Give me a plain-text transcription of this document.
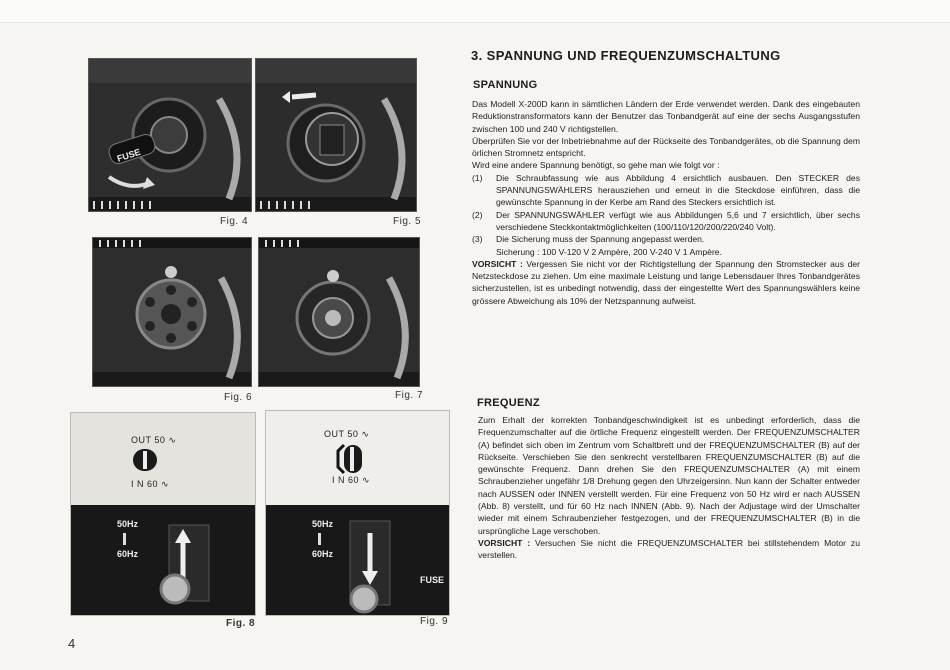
FUSE
Fig. 4	Fig. 5
Fig. 6	Fig. 7
OUT 50 ∿
I N 60 ∿
50Hz
60Hz
Fig. 8
OUT 50 ∿
I N 60 ∿
50Hz
60Hz
FUSE
Fig. 9
3. SPANNUNG UND FREQUENZUMSCHALTUNG
SPANNUNG

Das Modell X-200D kann in sämtlichen Ländern der Erde verwendet werden. Dank des eingebauten Reduktionstransformators kann der Benutzer das Tonbandgerät auf eine der sechs Ausgangsstufen zwischen 100 und 240 V richtigstellen.

Überprüfen Sie vor der Inbetriebnahme auf der Rückseite des Tonbandgerätes, ob die Spannung dem örlichen Stromnetz entspricht.

Wird eine andere Spannung benötigt, so gehe man wie folgt vor :

(1)	Die Schraubfassung wie aus Abbildung 4 ersichtlich ausbauen. Den STECKER des SPANNUNGSWÄHLERS herausziehen und erneut in die Steckdose einführen, dass die gewünschte Spannung in der Kerbe am Rand des Steckers ersichtlich ist.
(2)	Der SPANNUNGSWÄHLER verfügt wie aus Abbildungen 5,6 und 7 ersichtlich, über sechs verschiedene Steckkontaktmöglichkeiten (100/110/120/200/220/240 Volt).
(3)	Die Sicherung muss der Spannung angepasst werden.

Sicherung : 100 V-120 V 2 Ampère, 200 V-240 V 1 Ampère.

VORSICHT : Vergessen Sie nicht vor der Richtigstellung der Spannung den Stromstecker aus der Netzsteckdose zu ziehen. Um eine maximale Leistung und lange Lebensdauer Ihres Tonbandgerätes sicherzustellen, ist es unbedingt notwendig, dass der eingestellte Wert des Spannungswählers keine grössere Abweichung als 10% der Netzspannung aufweist.

FREQUENZ

Zum Erhalt der korrekten Tonbandgeschwindigkeit ist es unbedingt erforderlich, dass die Frequenzumschalter auf die örtliche Frequenz eingestellt werden. Der FREQUENZUMSCHALTER (A) befindet sich oben im Zentrum vom Schaltbrett und der FREQUENZUMSCHALTER (B) auf der Rückseite. Verschieben Sie den senkrecht verstellbaren FREQUENZUMSCHALTER (B) auf die gewünschte Frequenz. Dann drehen Sie den FREQUENZUMSCHALTER (A) mit einem Schraubenzieher ungefähr 1/8 Drehung gegen den Uhrzeigersinn. Nun kann der Schalter entweder nach AUSSEN oder INNEN verstellt werden. Für eine Frequenz von 50 Hz wird er nach AUSSEN (Abb. 8) verstellt, und für 60 Hz nach INNEN (Abb. 9). Nach der Adjustage wird der Umschalter wieder mit einem Schraubenzieher festgezogen, und der FREQUENZUMSCHALTER (B) in die ursprüngliche Lage verschoben.

VORSICHT : Versuchen Sie nicht die FREQUENZUMSCHALTER bei stillstehendem Motor zu verstellen.

4
